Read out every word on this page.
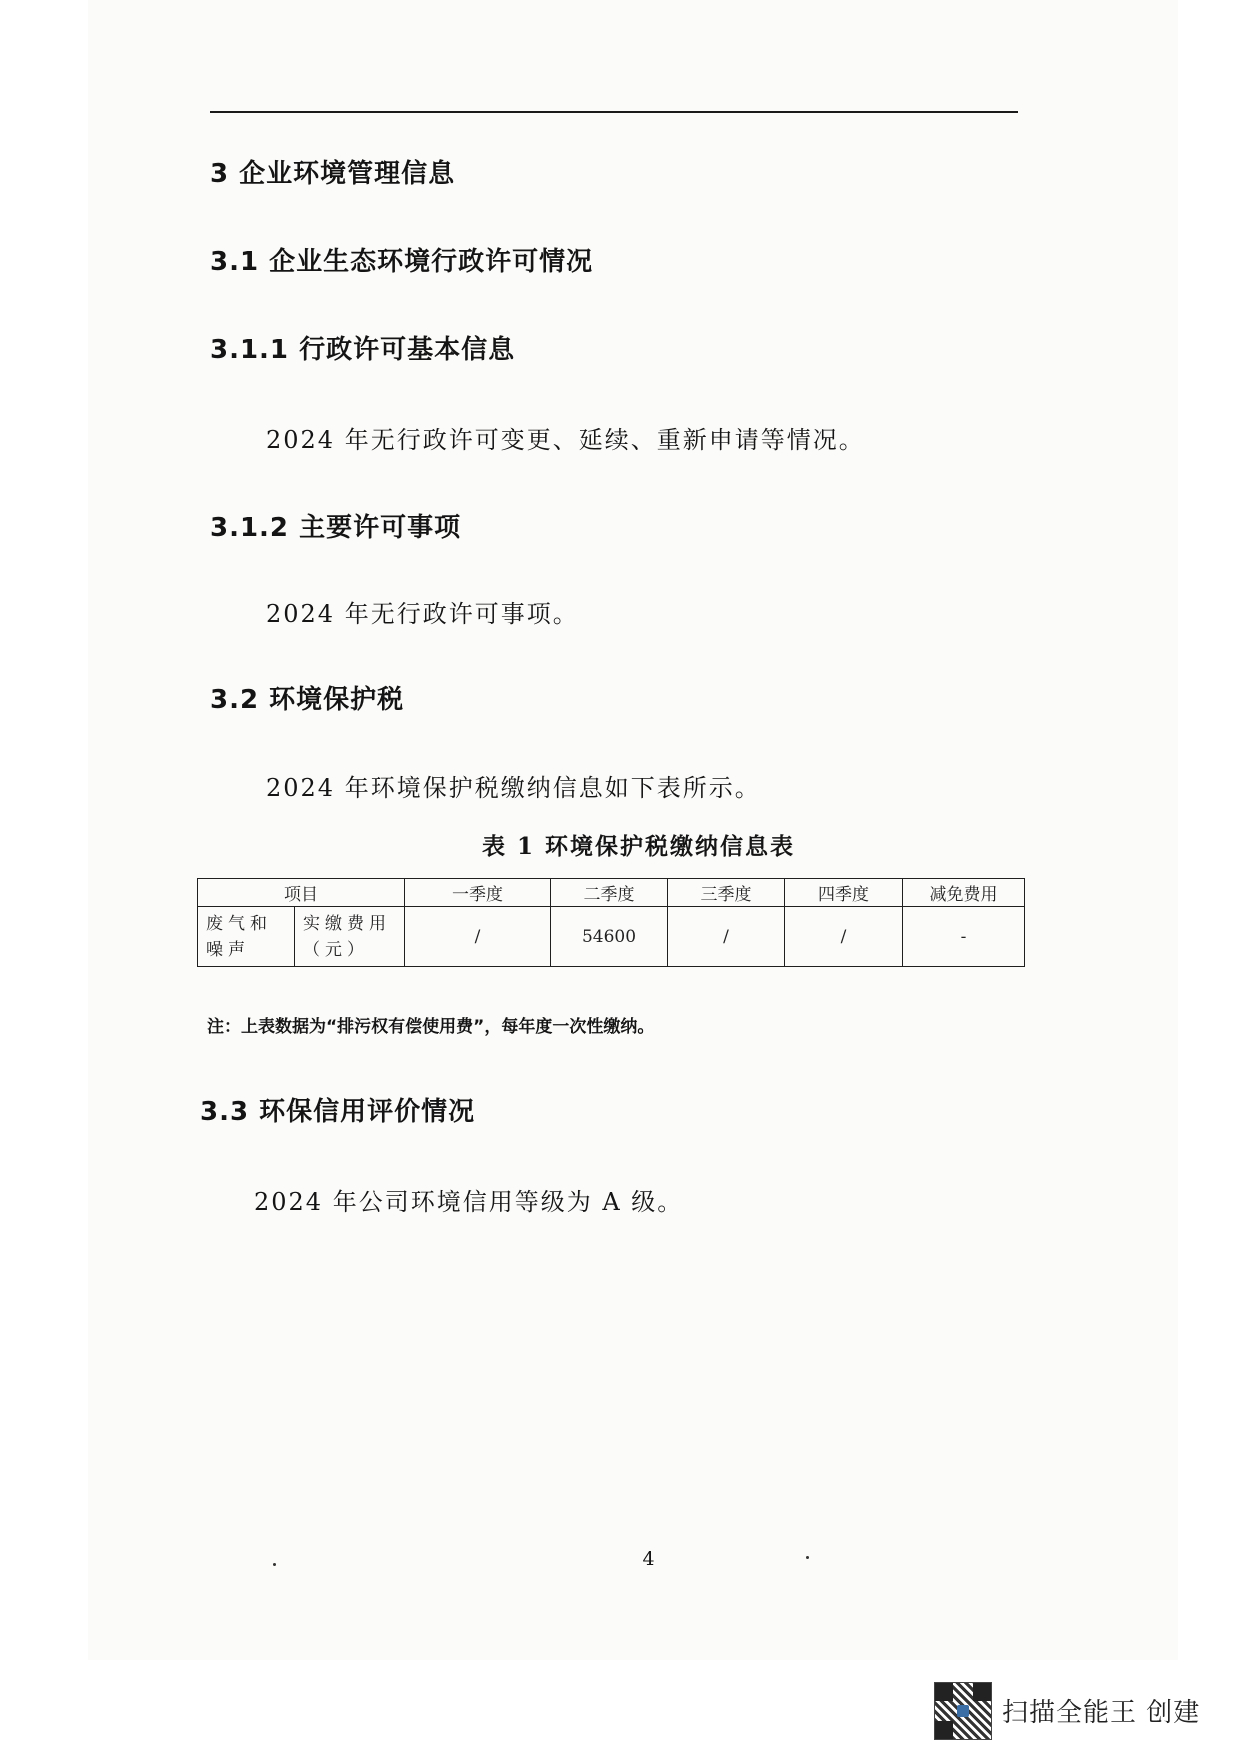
3 企业环境管理信息
3.1 企业生态环境行政许可情况
3.1.1 行政许可基本信息
2024 年无行政许可变更、延续、重新申请等情况。
3.1.2 主要许可事项
2024 年无行政许可事项。
3.2 环境保护税
2024 年环境保护税缴纳信息如下表所示。
表 1 环境保护税缴纳信息表
项目		一季度	二季度	三季度	四季度	减免费用
废气和噪声	实缴费用（元）	/	54600	/	/	-
注：上表数据为“排污权有偿使用费”，每年度一次性缴纳。
3.3 环保信用评价情况
2024 年公司环境信用等级为 A 级。
4
扫描全能王 创建
